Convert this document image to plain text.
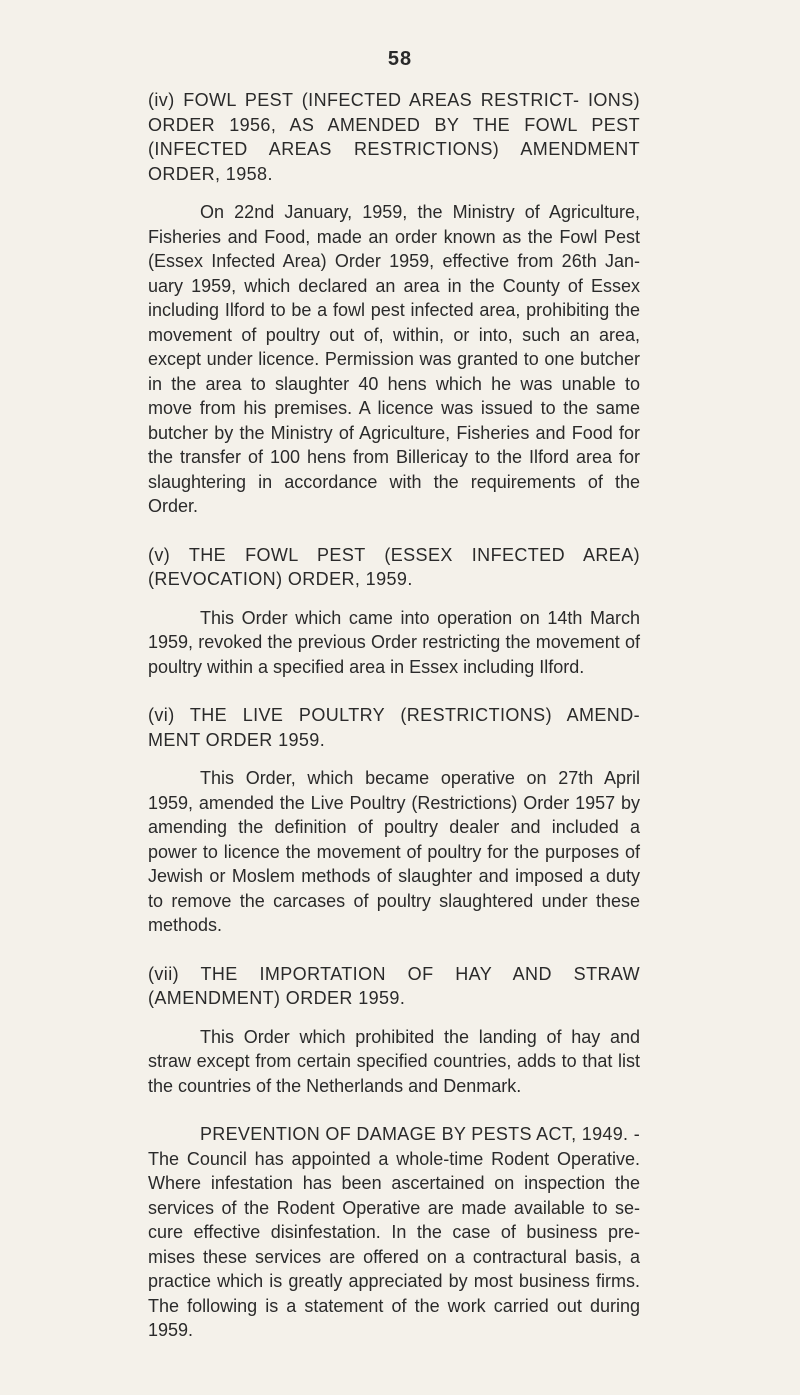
58

(iv) FOWL PEST (INFECTED AREAS RESTRICT- IONS) ORDER 1956, AS AMENDED BY THE FOWL PEST (INFECTED AREAS RESTRICTIONS) AMENDMENT ORDER, 1958.

On 22nd January, 1959, the Ministry of Agriculture, Fisheries and Food, made an order known as the Fowl Pest (Essex Infected Area) Order 1959, effective from 26th Jan- uary 1959, which declared an area in the County of Essex including Ilford to be a fowl pest infected area, prohibiting the movement of poultry out of, within, or into, such an area, except under licence. Permission was granted to one butcher in the area to slaughter 40 hens which he was unable to move from his premises. A licence was issued to the same butcher by the Ministry of Agriculture, Fisheries and Food for the transfer of 100 hens from Billericay to the Ilford area for slaughtering in accordance with the requirements of the Order.

(v) THE FOWL PEST (ESSEX INFECTED AREA) (REVOCATION) ORDER, 1959.

This Order which came into operation on 14th March 1959, revoked the previous Order restricting the movement of poultry within a specified area in Essex including Ilford.

(vi) THE LIVE POULTRY (RESTRICTIONS) AMEND- MENT ORDER 1959.

This Order, which became operative on 27th April 1959, amended the Live Poultry (Restrictions) Order 1957 by amending the definition of poultry dealer and included a power to licence the movement of poultry for the purposes of Jewish or Moslem methods of slaughter and imposed a duty to remove the carcases of poultry slaughtered under these methods.

(vii) THE IMPORTATION OF HAY AND STRAW (AMENDMENT) ORDER 1959.

This Order which prohibited the landing of hay and straw except from certain specified countries, adds to that list the countries of the Netherlands and Denmark.

PREVENTION OF DAMAGE BY PESTS ACT, 1949. - The Council has appointed a whole-time Rodent Operative. Where infestation has been ascertained on inspection the services of the Rodent Operative are made available to se- cure effective disinfestation. In the case of business pre- mises these services are offered on a contractural basis, a practice which is greatly appreciated by most business firms. The following is a statement of the work carried out during 1959.
